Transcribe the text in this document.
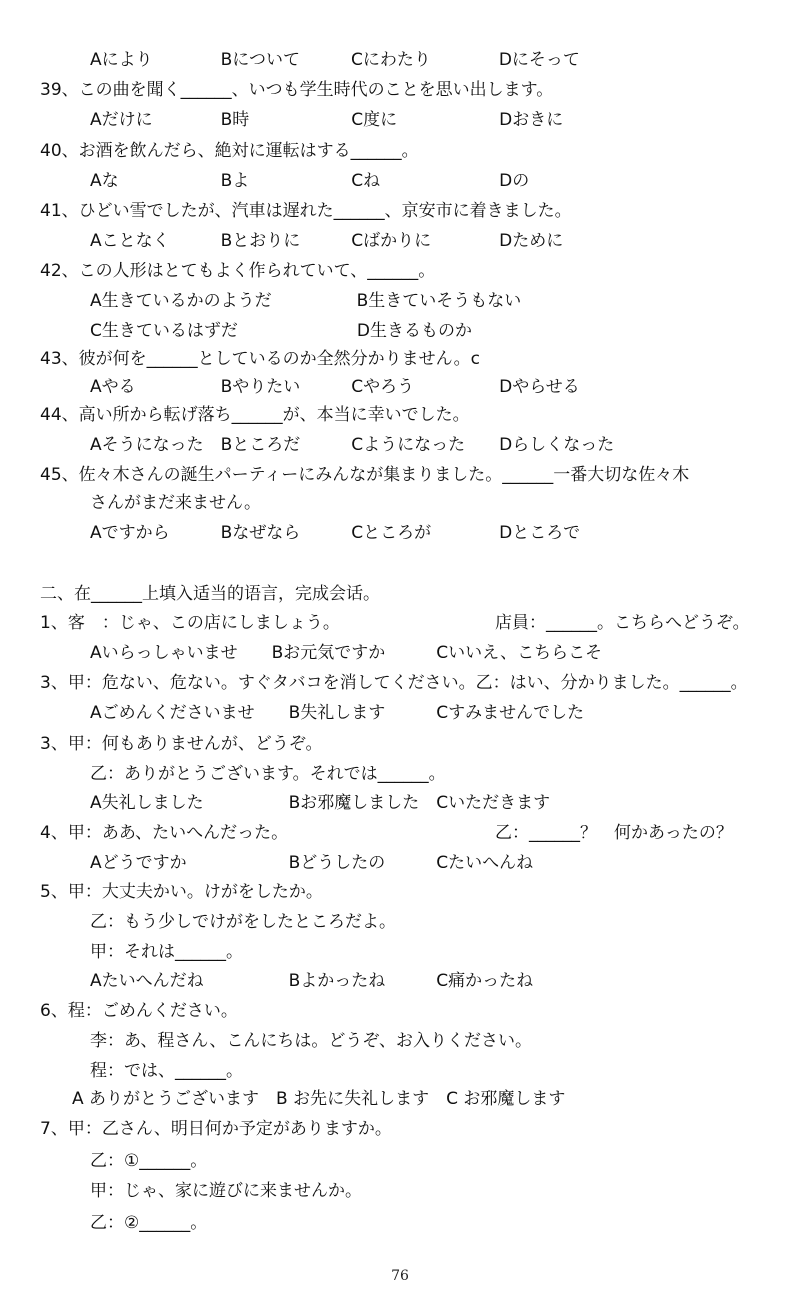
Aにより　　　　Bについて　　　Cにわたり　　　　Dにそって
39、この曲を聞く______、いつも学生時代のことを思い出します。
Aだけに　　　　B時　　　　　　C度に　　　　　　Dおきに
40、お酒を飲んだら、絶対に運転はする______。
Aな　　　　　　Bよ　　　　　　Cね　　　　　　　Dの
41、ひどい雪でしたが、汽車は遅れた______、京安市に着きました。
Aことなく　　　Bとおりに　　　Cばかりに　　　　Dために
42、この人形はとてもよく作られていて、______。
A生きているかのようだ　　　　　B生きていそうもない
C生きているはずだ　　　　　　　D生きるものか
43、彼が何を______としているのか全然分かりません。c
Aやる　　　　　Bやりたい　　　Cやろう　　　　　Dやらせる
44、高い所から転げ落ち______が、本当に幸いでした。
Aそうになった　Bところだ　　　Cようになった　　Dらしくなった
45、佐々木さんの誕生パーティーにみんなが集まりました。______一番大切な佐々木
さんがまだ来ません。
Aですから　　　Bなぜなら　　　Cところが　　　　Dところで
二、在______上填入适当的语言，完成会话。
1、客　：じゃ、この店にしましょう。	店員：______。こちらへどうぞ。
Aいらっしゃいませ　　Bお元気ですか　　　Cいいえ、こちらこそ
3、甲：危ない、危ない。すぐタバコを消してください。乙：はい、分かりました。______。
Aごめんくださいませ　　B失礼します　　　Cすみませんでした
3、甲：何もありませんが、どうぞ。
乙：ありがとうございます。それでは______。
A失礼しました　　　　　Bお邪魔しました　Cいただきます
4、甲：ああ、たいへんだった。	乙：______？　何かあったの？
Aどうですか　　　　　　Bどうしたの　　　Cたいへんね
5、甲：大丈夫かい。けがをしたか。
乙：もう少しでけがをしたところだよ。
甲：それは______。
Aたいへんだね　　　　　Bよかったね　　　C痛かったね
6、程：ごめんください。
李：あ、程さん、こんにちは。どうぞ、お入りください。
程：では、______。
A ありがとうございます　B お先に失礼します　C お邪魔します
7、甲：乙さん、明日何か予定がありますか。
乙：①______。
甲：じゃ、家に遊びに来ませんか。
乙：②______。
76
